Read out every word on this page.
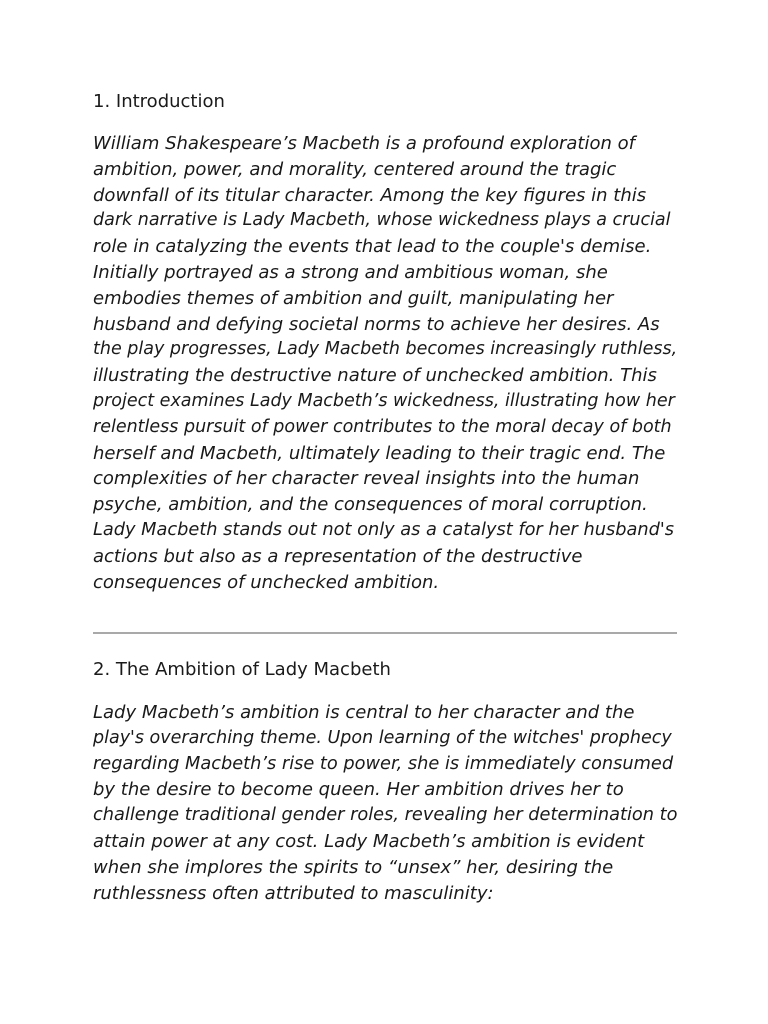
1. Introduction
William Shakespeare’s Macbeth is a profound exploration of
ambition, power, and morality, centered around the tragic
downfall of its titular character. Among the key figures in this
dark narrative is Lady Macbeth, whose wickedness plays a crucial
role in catalyzing the events that lead to the couple's demise.
Initially portrayed as a strong and ambitious woman, she
embodies themes of ambition and guilt, manipulating her
husband and defying societal norms to achieve her desires. As
the play progresses, Lady Macbeth becomes increasingly ruthless,
illustrating the destructive nature of unchecked ambition. This
project examines Lady Macbeth’s wickedness, illustrating how her
relentless pursuit of power contributes to the moral decay of both
herself and Macbeth, ultimately leading to their tragic end. The
complexities of her character reveal insights into the human
psyche, ambition, and the consequences of moral corruption.
Lady Macbeth stands out not only as a catalyst for her husband's
actions but also as a representation of the destructive
consequences of unchecked ambition.
2. The Ambition of Lady Macbeth
Lady Macbeth’s ambition is central to her character and the
play's overarching theme. Upon learning of the witches' prophecy
regarding Macbeth’s rise to power, she is immediately consumed
by the desire to become queen. Her ambition drives her to
challenge traditional gender roles, revealing her determination to
attain power at any cost. Lady Macbeth’s ambition is evident
when she implores the spirits to “unsex” her, desiring the
ruthlessness often attributed to masculinity:
